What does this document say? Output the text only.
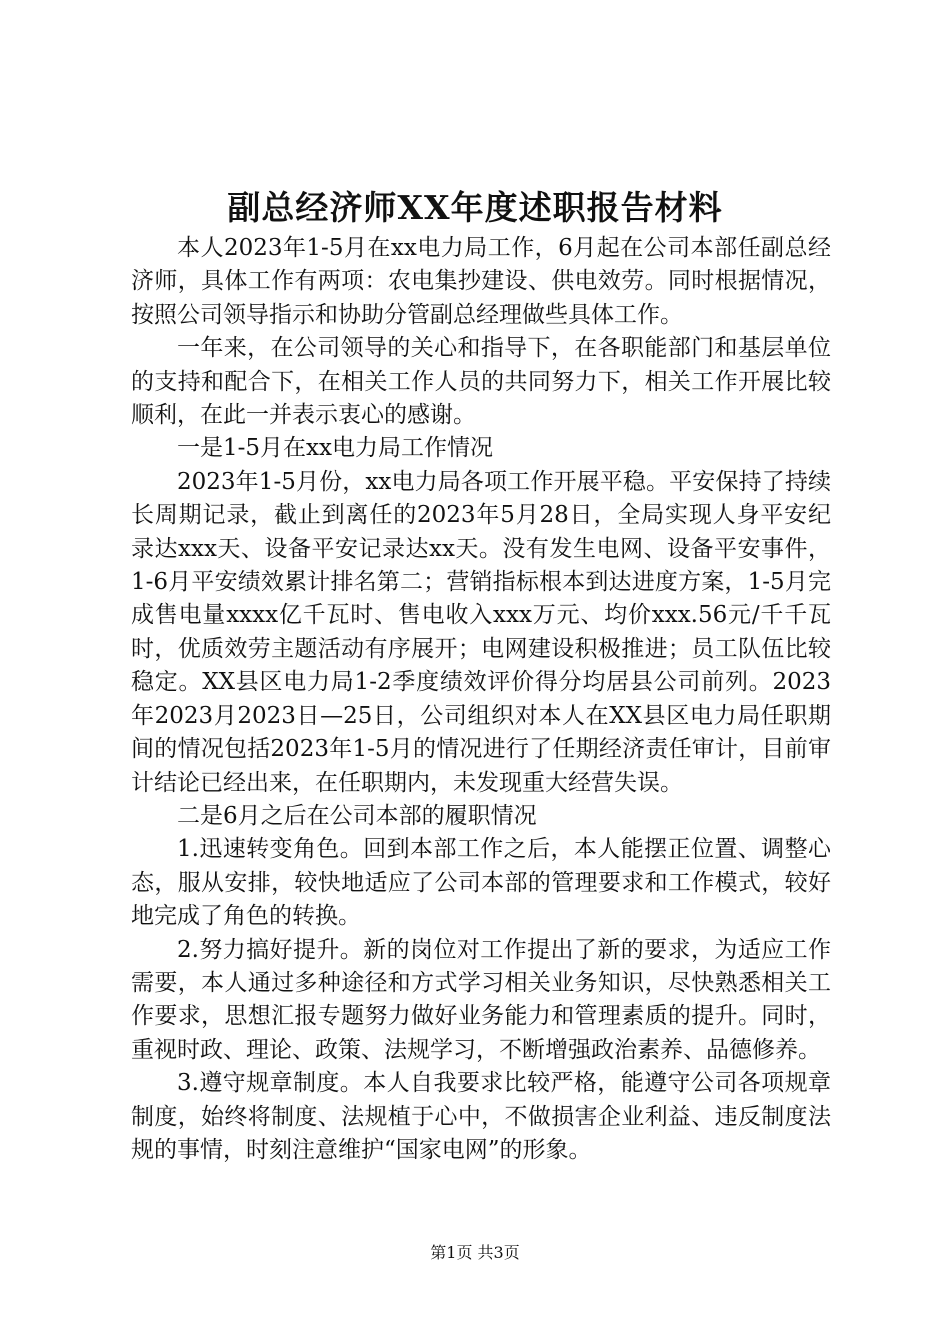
副总经济师XX年度述职报告材料

本人2023年1-5月在xx电力局工作，6月起在公司本部任副总经济师，具体工作有两项：农电集抄建设、供电效劳。同时根据情况，按照公司领导指示和协助分管副总经理做些具体工作。

一年来，在公司领导的关心和指导下，在各职能部门和基层单位的支持和配合下，在相关工作人员的共同努力下，相关工作开展比较顺利，在此一并表示衷心的感谢。

一是1-5月在xx电力局工作情况

2023年1-5月份，xx电力局各项工作开展平稳。平安保持了持续长周期记录，截止到离任的2023年5月28日，全局实现人身平安纪录达xxx天、设备平安记录达xx天。没有发生电网、设备平安事件，1-6月平安绩效累计排名第二；营销指标根本到达进度方案，1-5月完成售电量xxxx亿千瓦时、售电收入xxx万元、均价xxx.56元/千千瓦时，优质效劳主题活动有序展开；电网建设积极推进；员工队伍比较稳定。XX县区电力局1-2季度绩效评价得分均居县公司前列。2023年2023月2023日—25日，公司组织对本人在XX县区电力局任职期间的情况包括2023年1-5月的情况进行了任期经济责任审计，目前审计结论已经出来，在任职期内，未发现重大经营失误。

二是6月之后在公司本部的履职情况

1.迅速转变角色。回到本部工作之后，本人能摆正位置、调整心态，服从安排，较快地适应了公司本部的管理要求和工作模式，较好地完成了角色的转换。

2.努力搞好提升。新的岗位对工作提出了新的要求，为适应工作需要，本人通过多种途径和方式学习相关业务知识，尽快熟悉相关工作要求，思想汇报专题努力做好业务能力和管理素质的提升。同时，重视时政、理论、政策、法规学习，不断增强政治素养、品德修养。

3.遵守规章制度。本人自我要求比较严格，能遵守公司各项规章制度，始终将制度、法规植于心中，不做损害企业利益、违反制度法规的事情，时刻注意维护“国家电网”的形象。

第1页 共3页
